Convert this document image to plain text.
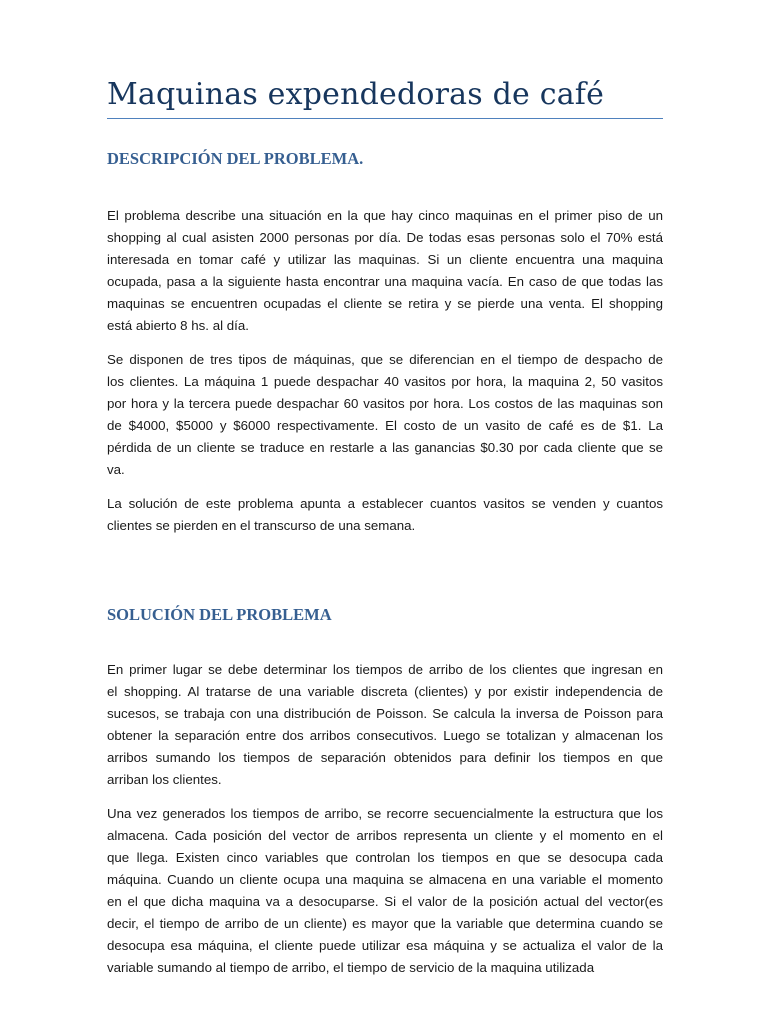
Maquinas expendedoras de café
DESCRIPCIÓN DEL PROBLEMA.
El problema describe una situación en la que hay cinco maquinas en el primer piso de un
shopping al cual asisten 2000 personas por día. De todas esas personas solo el 70% está
interesada en tomar café y utilizar las maquinas. Si un cliente encuentra una maquina
ocupada, pasa a la siguiente hasta encontrar una maquina vacía. En caso de que todas las
maquinas se encuentren ocupadas el cliente se retira y se pierde una venta. El shopping
está abierto 8 hs. al día.
Se disponen de tres tipos de máquinas, que se diferencian en el tiempo de despacho de
los clientes. La máquina 1 puede despachar 40 vasitos por hora, la maquina 2, 50 vasitos
por hora y la tercera puede despachar 60 vasitos por hora. Los costos de las maquinas son
de $4000, $5000 y $6000 respectivamente. El costo de un vasito de café es de $1. La
pérdida de un cliente se traduce en restarle a las ganancias $0.30 por cada cliente que se
va.
La solución de este problema apunta a establecer cuantos vasitos se venden y cuantos
clientes se pierden en el transcurso de una semana.
SOLUCIÓN DEL PROBLEMA
En primer lugar se debe determinar los tiempos de arribo de los clientes que ingresan en
el shopping. Al tratarse de una variable discreta (clientes) y por existir independencia de
sucesos, se trabaja con una distribución de Poisson. Se calcula la inversa de Poisson para
obtener la separación entre dos arribos consecutivos. Luego se totalizan y almacenan los
arribos sumando los tiempos de separación obtenidos para definir los tiempos en que
arriban los clientes.
Una vez generados los tiempos de arribo, se recorre secuencialmente la estructura que los
almacena. Cada posición del vector de arribos representa un cliente y el momento en el
que llega. Existen cinco variables que controlan los tiempos en que se desocupa cada
máquina. Cuando un cliente ocupa una maquina se almacena en una variable el momento
en el que dicha maquina va a desocuparse. Si el valor de la posición actual del vector(es
decir, el tiempo de arribo de un cliente) es mayor que la variable que determina cuando se
desocupa esa máquina, el cliente puede utilizar esa máquina y se actualiza el valor de la
variable sumando al tiempo de arribo, el tiempo de servicio de la maquina utilizada
